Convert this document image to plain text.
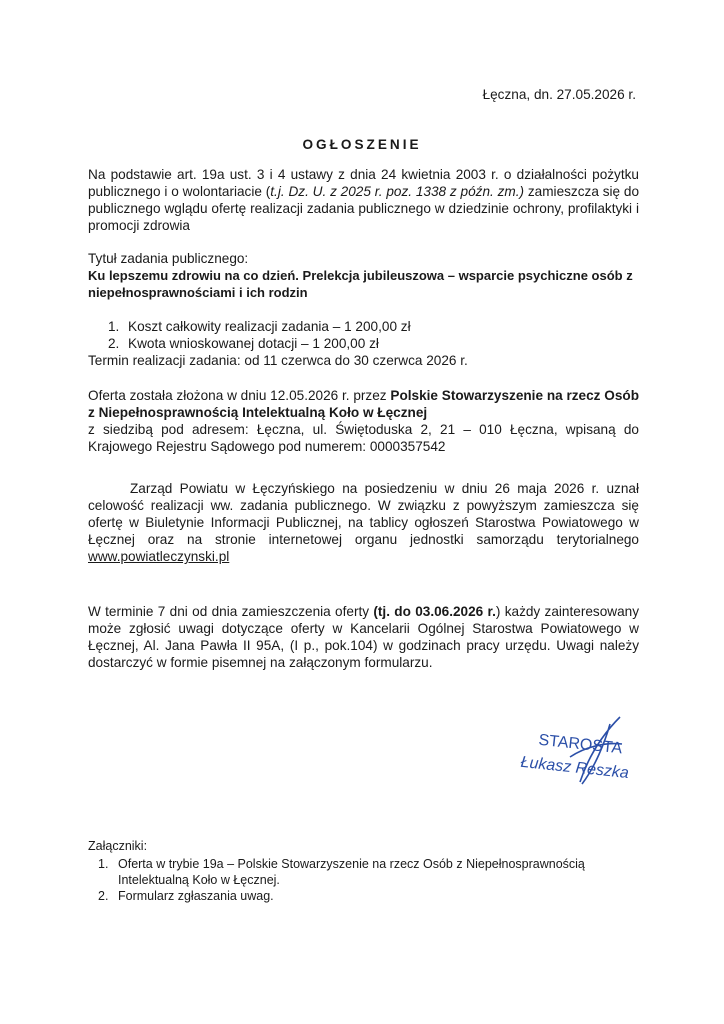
Łęczna, dn. 27.05.2026 r.
OGŁOSZENIE
Na podstawie art. 19a ust. 3 i 4 ustawy z dnia 24 kwietnia 2003 r. o działalności pożytku publicznego i o wolontariacie (t.j. Dz. U. z 2025 r. poz. 1338 z późn. zm.) zamieszcza się do publicznego wglądu ofertę realizacji zadania publicznego w dziedzinie ochrony, profilaktyki i promocji zdrowia
Tytuł zadania publicznego:
Ku lepszemu zdrowiu na co dzień. Prelekcja jubileuszowa – wsparcie psychiczne osób z niepełnosprawnościami i ich rodzin
1. Koszt całkowity realizacji zadania – 1 200,00 zł
2. Kwota wnioskowanej dotacji – 1 200,00 zł
Termin realizacji zadania: od 11 czerwca do 30 czerwca 2026 r.
Oferta została złożona w dniu 12.05.2026 r. przez Polskie Stowarzyszenie na rzecz Osób z Niepełnosprawnością Intelektualną Koło w Łęcznej
z siedzibą pod adresem: Łęczna, ul. Świętoduska 2, 21 – 010 Łęczna, wpisaną do Krajowego Rejestru Sądowego pod numerem: 0000357542
Zarząd Powiatu w Łęczyńskiego na posiedzeniu w dniu 26 maja 2026 r. uznał celowość realizacji ww. zadania publicznego. W związku z powyższym zamieszcza się ofertę w Biuletynie Informacji Publicznej, na tablicy ogłoszeń Starostwa Powiatowego w Łęcznej oraz na stronie internetowej organu jednostki samorządu terytorialnego www.powiatleczynski.pl
W terminie 7 dni od dnia zamieszczenia oferty (tj. do 03.06.2026 r.) każdy zainteresowany może zgłosić uwagi dotyczące oferty w Kancelarii Ogólnej Starostwa Powiatowego w Łęcznej, Al. Jana Pawła II 95A, (I p., pok.104) w godzinach pracy urzędu. Uwagi należy dostarczyć w formie pisemnej na załączonym formularzu.
STAROSTA
Łukasz Reszka
Załączniki:
1. Oferta w trybie 19a – Polskie Stowarzyszenie na rzecz Osób z Niepełnosprawnością Intelektualną Koło w Łęcznej.
2. Formularz zgłaszania uwag.
